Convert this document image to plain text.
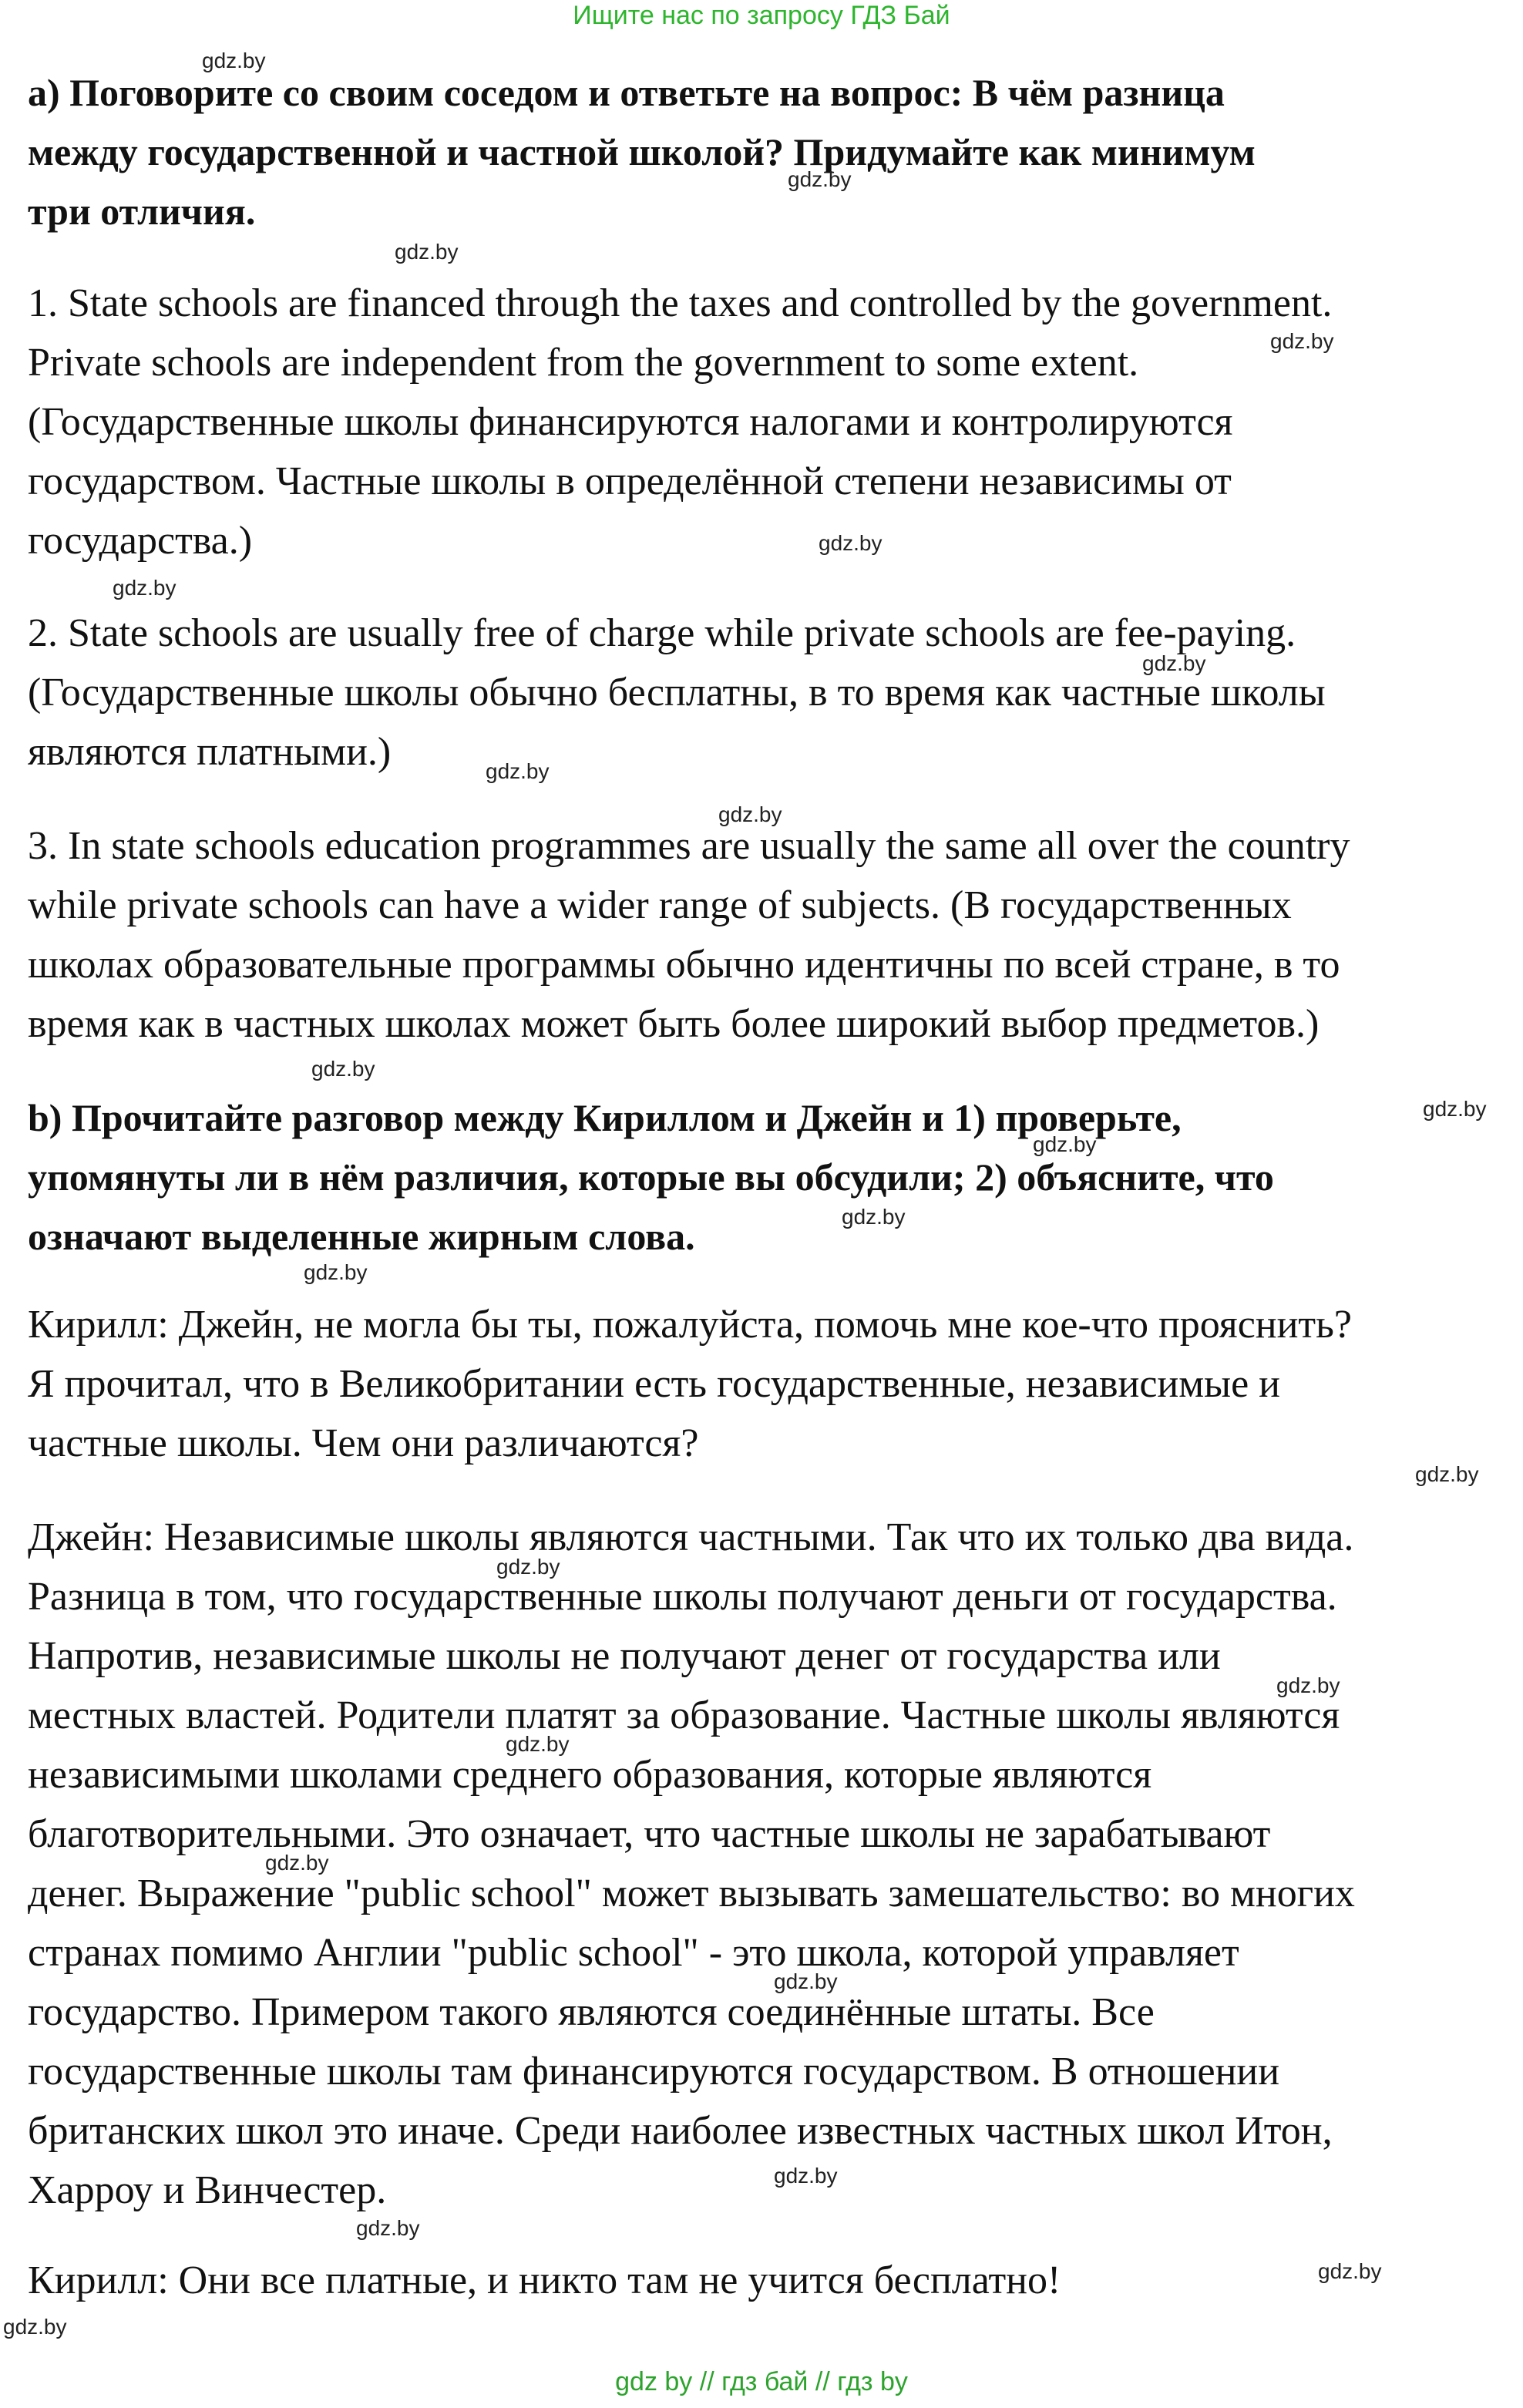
Ищите нас по запросу ГДЗ Бай

a) Поговорите со своим соседом и ответьте на вопрос: В чём разница

между государственной и частной школой? Придумайте как минимум

три отличия.

1. State schools are financed through the taxes and controlled by the government.

Private schools are independent from the government to some extent.

(Государственные школы финансируются налогами и контролируются

государством. Частные школы в определённой степени независимы от

государства.)

2. State schools are usually free of charge while private schools are fee-paying.

(Государственные школы обычно бесплатны, в то время как частные школы

являются платными.)

3. In state schools education programmes are usually the same all over the country

while private schools can have a wider range of subjects. (В государственных

школах образовательные программы обычно идентичны по всей стране, в то

время как в частных школах может быть более широкий выбор предметов.)

b) Прочитайте разговор между Кириллом и Джейн и 1) проверьте,

упомянуты ли в нём различия, которые вы обсудили; 2) объясните, что

означают выделенные жирным слова.

Кирилл: Джейн, не могла бы ты, пожалуйста, помочь мне кое-что прояснить?

Я прочитал, что в Великобритании есть государственные, независимые и

частные школы. Чем они различаются?

Джейн: Независимые школы являются частными. Так что их только два вида.

Разница в том, что государственные школы получают деньги от государства.

Напротив, независимые школы не получают денег от государства или

местных властей. Родители платят за образование. Частные школы являются

независимыми школами среднего образования, которые являются

благотворительными. Это означает, что частные школы не зарабатывают

денег. Выражение "public school" может вызывать замешательство: во многих

странах помимо Англии "public school" - это школа, которой управляет

государство. Примером такого являются соединённые штаты. Все

государственные школы там финансируются государством. В отношении

британских школ это иначе. Среди наиболее известных частных школ Итон,

Харроу и Винчестер.

Кирилл: Они все платные, и никто там не учится бесплатно!

gdz.by
gdz.by
gdz.by
gdz.by
gdz.by
gdz.by
gdz.by
gdz.by
gdz.by
gdz.by
gdz.by
gdz.by
gdz.by
gdz.by
gdz.by
gdz.by
gdz.by
gdz.by
gdz.by
gdz.by
gdz.by
gdz.by
gdz.by
gdz.by
gdz by // гдз бай // гдз by
